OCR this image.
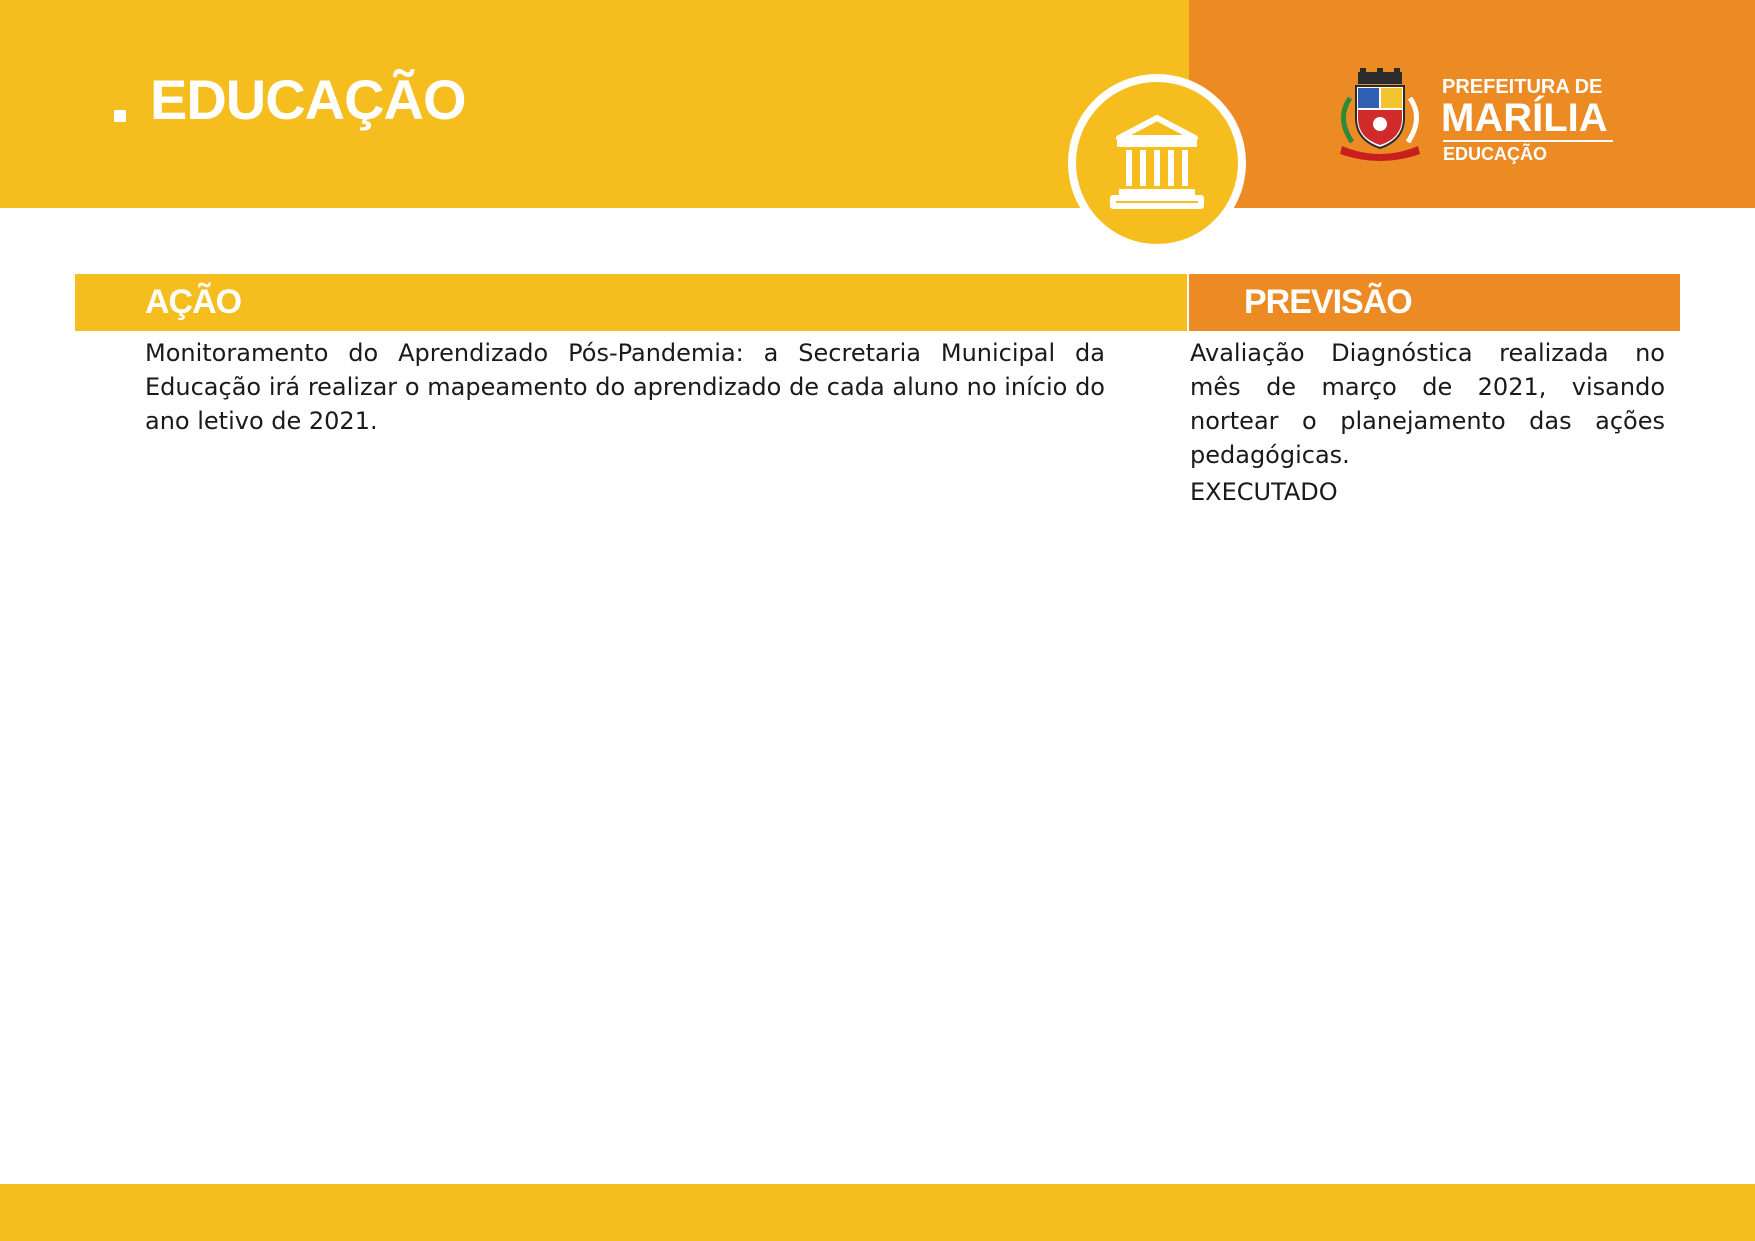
EDUCAÇÃO	PREFEITURA DE
MARÍLIA
EDUCAÇÃO
AÇÃO	PREVISÃO

Monitoramento do Aprendizado Pós-Pandemia: a Secretaria Municipal da Educação irá realizar o mapeamento do aprendizado de cada aluno no início do ano letivo de 2021.

Avaliação Diagnóstica realizada no mês de março de 2021, visando nortear o planejamento das ações pedagógicas.

EXECUTADO
